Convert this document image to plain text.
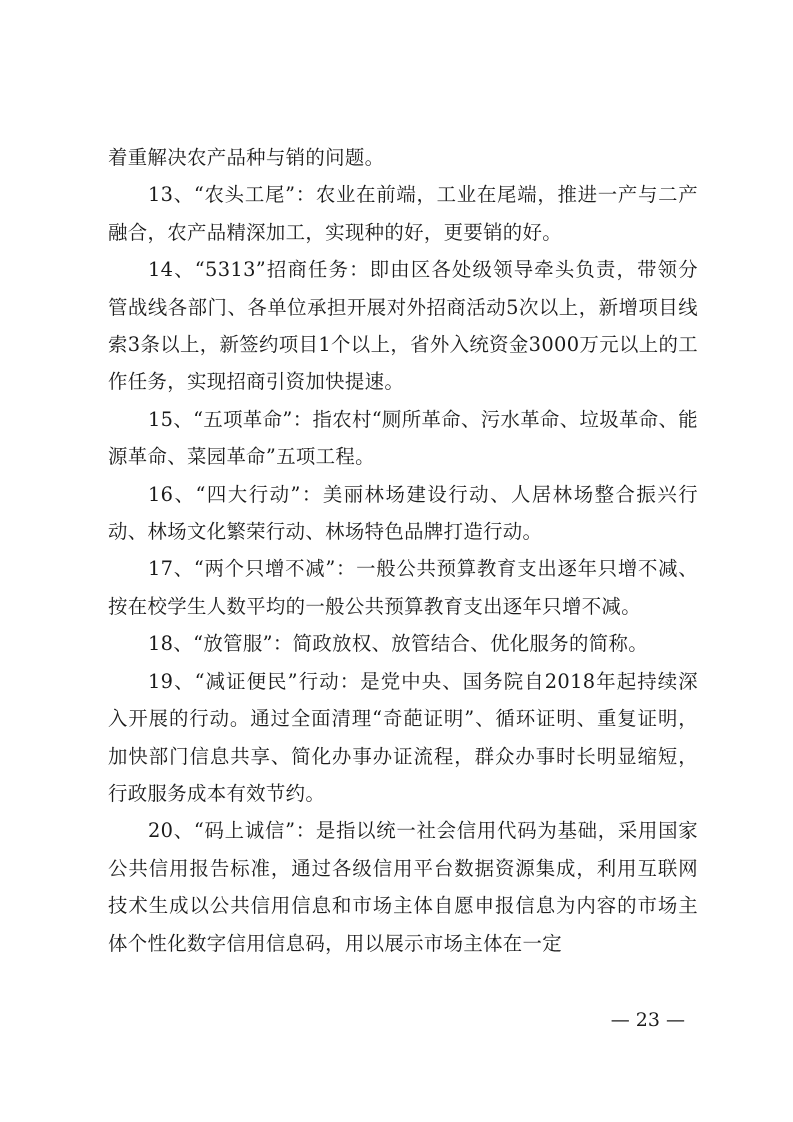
着重解决农产品种与销的问题。

13、“农头工尾”：农业在前端，工业在尾端，推进一产与二产融合，农产品精深加工，实现种的好，更要销的好。

14、“5313”招商任务：即由区各处级领导牵头负责，带领分管战线各部门、各单位承担开展对外招商活动5次以上，新增项目线索3条以上，新签约项目1个以上，省外入统资金3000万元以上的工作任务，实现招商引资加快提速。

15、“五项革命”：指农村“厕所革命、污水革命、垃圾革命、能源革命、菜园革命”五项工程。

16、“四大行动”：美丽林场建设行动、人居林场整合振兴行动、林场文化繁荣行动、林场特色品牌打造行动。

17、“两个只增不减”：一般公共预算教育支出逐年只增不减、按在校学生人数平均的一般公共预算教育支出逐年只增不减。

18、“放管服”：简政放权、放管结合、优化服务的简称。

19、“减证便民”行动：是党中央、国务院自2018年起持续深入开展的行动。通过全面清理“奇葩证明”、循环证明、重复证明，加快部门信息共享、简化办事办证流程，群众办事时长明显缩短，行政服务成本有效节约。

20、“码上诚信”：是指以统一社会信用代码为基础，采用国家公共信用报告标准，通过各级信用平台数据资源集成，利用互联网技术生成以公共信用信息和市场主体自愿申报信息为内容的市场主体个性化数字信用信息码，用以展示市场主体在一定

— 23 —
